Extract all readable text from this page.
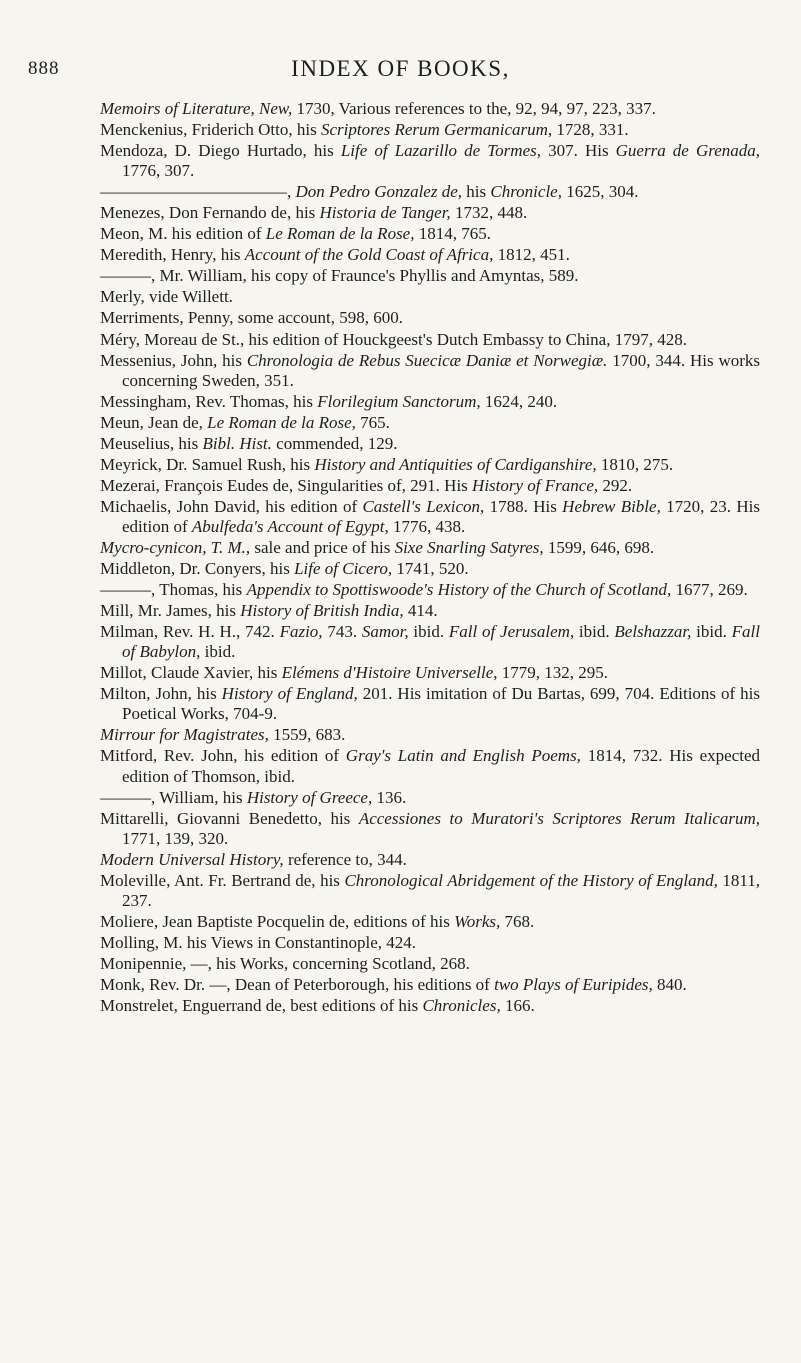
888	INDEX OF BOOKS,

Memoirs of Literature, New, 1730, Various references to the, 92, 94, 97, 223, 337.

Menckenius, Friderich Otto, his Scriptores Rerum Germanicarum, 1728, 331.

Mendoza, D. Diego Hurtado, his Life of Lazarillo de Tormes, 307. His Guerra de Grenada, 1776, 307.

———————————, Don Pedro Gonzalez de, his Chronicle, 1625, 304.

Menezes, Don Fernando de, his Historia de Tanger, 1732, 448.

Meon, M. his edition of Le Roman de la Rose, 1814, 765.

Meredith, Henry, his Account of the Gold Coast of Africa, 1812, 451.

———, Mr. William, his copy of Fraunce's Phyllis and Amyntas, 589.

Merly, vide Willett.

Merriments, Penny, some account, 598, 600.

Méry, Moreau de St., his edition of Houckgeest's Dutch Embassy to China, 1797, 428.

Messenius, John, his Chronologia de Rebus Suecicæ Daniæ et Norwegiæ. 1700, 344. His works concerning Sweden, 351.

Messingham, Rev. Thomas, his Florilegium Sanctorum, 1624, 240.

Meun, Jean de, Le Roman de la Rose, 765.

Meuselius, his Bibl. Hist. commended, 129.

Meyrick, Dr. Samuel Rush, his History and Antiquities of Cardiganshire, 1810, 275.

Mezerai, François Eudes de, Singularities of, 291. His History of France, 292.

Michaelis, John David, his edition of Castell's Lexicon, 1788. His Hebrew Bible, 1720, 23. His edition of Abulfeda's Account of Egypt, 1776, 438.

Mycro-cynicon, T. M., sale and price of his Sixe Snarling Satyres, 1599, 646, 698.

Middleton, Dr. Conyers, his Life of Cicero, 1741, 520.

———, Thomas, his Appendix to Spottiswoode's History of the Church of Scotland, 1677, 269.

Mill, Mr. James, his History of British India, 414.

Milman, Rev. H. H., 742. Fazio, 743. Samor, ibid. Fall of Jerusalem, ibid. Belshazzar, ibid. Fall of Babylon, ibid.

Millot, Claude Xavier, his Elémens d'Histoire Universelle, 1779, 132, 295.

Milton, John, his History of England, 201. His imitation of Du Bartas, 699, 704. Editions of his Poetical Works, 704-9.

Mirrour for Magistrates, 1559, 683.

Mitford, Rev. John, his edition of Gray's Latin and English Poems, 1814, 732. His expected edition of Thomson, ibid.

———, William, his History of Greece, 136.

Mittarelli, Giovanni Benedetto, his Accessiones to Muratori's Scriptores Rerum Italicarum, 1771, 139, 320.

Modern Universal History, reference to, 344.

Moleville, Ant. Fr. Bertrand de, his Chronological Abridgement of the History of England, 1811, 237.

Moliere, Jean Baptiste Pocquelin de, editions of his Works, 768.

Molling, M. his Views in Constantinople, 424.

Monipennie, —, his Works, concerning Scotland, 268.

Monk, Rev. Dr. —, Dean of Peterborough, his editions of two Plays of Euripides, 840.

Monstrelet, Enguerrand de, best editions of his Chronicles, 166.
